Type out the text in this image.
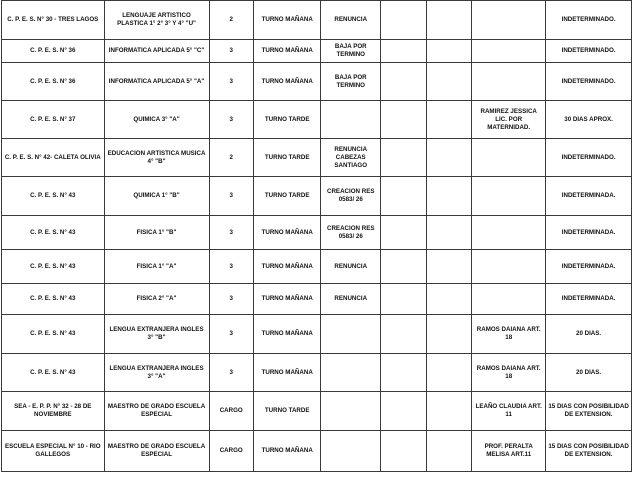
C. P. E. S. N° 30 - TRES LAGOS	LENGUAJE ARTISTICO PLASTICA 1° 2° 3° Y 4° "U"	2	TURNO MAÑANA	RENUNCIA				INDETERMINADO.
C. P. E. S. N° 36	INFORMATICA APLICADA 5° "C"	3	TURNO MAÑANA	BAJA POR TERMINO				INDETERMINADO.
C. P. E. S. N° 36	INFORMATICA APLICADA 5° "A"	3	TURNO MAÑANA	BAJA POR TERMINO				INDETERMINADO.
C. P. E. S. N° 37	QUIMICA 3° "A"	3	TURNO TARDE				RAMIREZ JESSICA LIC. POR MATERNIDAD.	30 DIAS APROX.
C. P. E. S. N° 42- CALETA OLIVIA	EDUCACION ARTISTICA MUSICA 4° "B"	2	TURNO TARDE	RENUNCIA CABEZAS SANTIAGO				INDETERMINADO.
C. P. E. S. N° 43	QUIMICA 1° "B"	3	TURNO TARDE	CREACION RES 0583/ 26				INDETERMINADA.
C. P. E. S. N° 43	FISICA 1° "B"	3	TURNO MAÑANA	CREACION RES 0583/ 26				INDETERMINADA.
C. P. E. S. N° 43	FISICA 1° "A"	3	TURNO MAÑANA	RENUNCIA				INDETERMINADA.
C. P. E. S. N° 43	FISICA 2° "A"	3	TURNO MAÑANA	RENUNCIA				INDETERMINADA.
C. P. E. S. N° 43	LENGUA EXTRANJERA INGLES 3° "B"	3	TURNO MAÑANA				RAMOS DAIANA ART. 18	20 DIAS.
C. P. E. S. N° 43	LENGUA EXTRANJERA INGLES 3° "A"	3	TURNO MAÑANA				RAMOS DAIANA ART. 18	20 DIAS.
SEA - E. P. P. N° 32 - 28 DE NOVIEMBRE	MAESTRO DE GRADO ESCUELA ESPECIAL	CARGO	TURNO TARDE				LEAÑO CLAUDIA ART. 11	15 DIAS CON POSIBILIDAD DE EXTENSION.
ESCUELA ESPECIAL N° 10 - RIO GALLEGOS	MAESTRO DE GRADO ESCUELA ESPECIAL	CARGO	TURNO MAÑANA				PROF. PERALTA MELISA ART.11	15 DIAS CON POSIBILIDAD DE EXTENSION.
